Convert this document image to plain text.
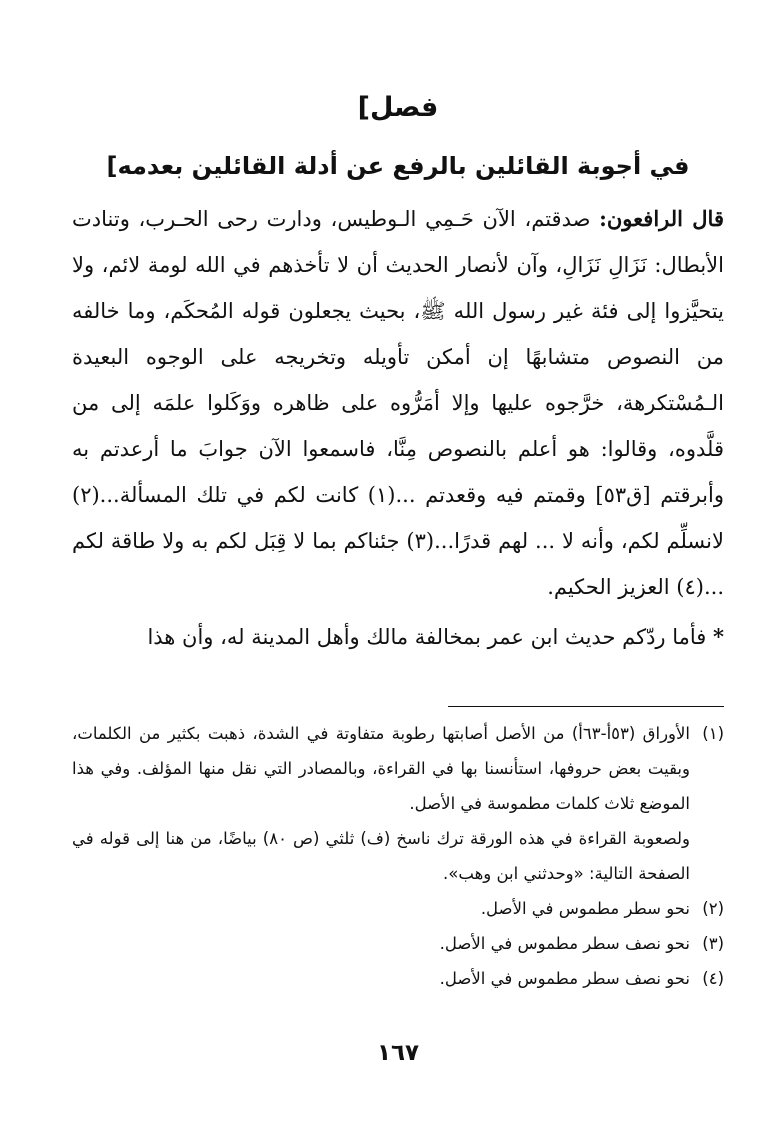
فصل]
في أجوبة القائلين بالرفع عن أدلة القائلين بعدمه]

قال الرافعون: صدقتم، الآن حَـمِي الـوطيس، ودارت رحى الحـرب، وتنادت الأبطال: نَزَالِ نَزَالِ، وآن لأنصار الحديث أن لا تأخذهم في الله لومة لائم، ولا يتحيَّزوا إلى فئة غير رسول الله ﷺ، بحيث يجعلون قوله المُحكَم، وما خالفه من النصوص متشابهًا إن أمكن تأويله وتخريجه على الوجوه البعيدة الـمُسْتكرهة، خرَّجوه عليها وإلا أمَرُّوه على ظاهره ووَكَلوا علمَه إلى من قلَّدوه، وقالوا: هو أعلم بالنصوص مِنَّا، فاسمعوا الآن جوابَ ما أرعدتم به وأبرقتم [ق٥٣] وقمتم فيه وقعدتم ...(١) كانت لكم في تلك المسألة...(٢) لانسلِّم لكم، وأنه لا ... لهم قدرًا...(٣) جئناكم بما لا قِبَل لكم به ولا طاقة لكم ...(٤) العزيز الحكيم.

* فأما ردّكم حديث ابن عمر بمخالفة مالك وأهل المدينة له، وأن هذا

(١)
الأوراق (٥٣أ-٦٣أ) من الأصل أصابتها رطوبة متفاوتة في الشدة، ذهبت بكثير من الكلمات، وبقيت بعض حروفها، استأنسنا بها في القراءة، وبالمصادر التي نقل منها المؤلف. وفي هذا الموضع ثلاث كلمات مطموسة في الأصل.
ولصعوبة القراءة في هذه الورقة ترك ناسخ (ف) ثلثي (ص ٨٠) بياضًا، من هنا إلى قوله في الصفحة التالية: «وحدثني ابن وهب».
(٢)
نحو سطر مطموس في الأصل.
(٣)
نحو نصف سطر مطموس في الأصل.
(٤)
نحو نصف سطر مطموس في الأصل.
١٦٧
